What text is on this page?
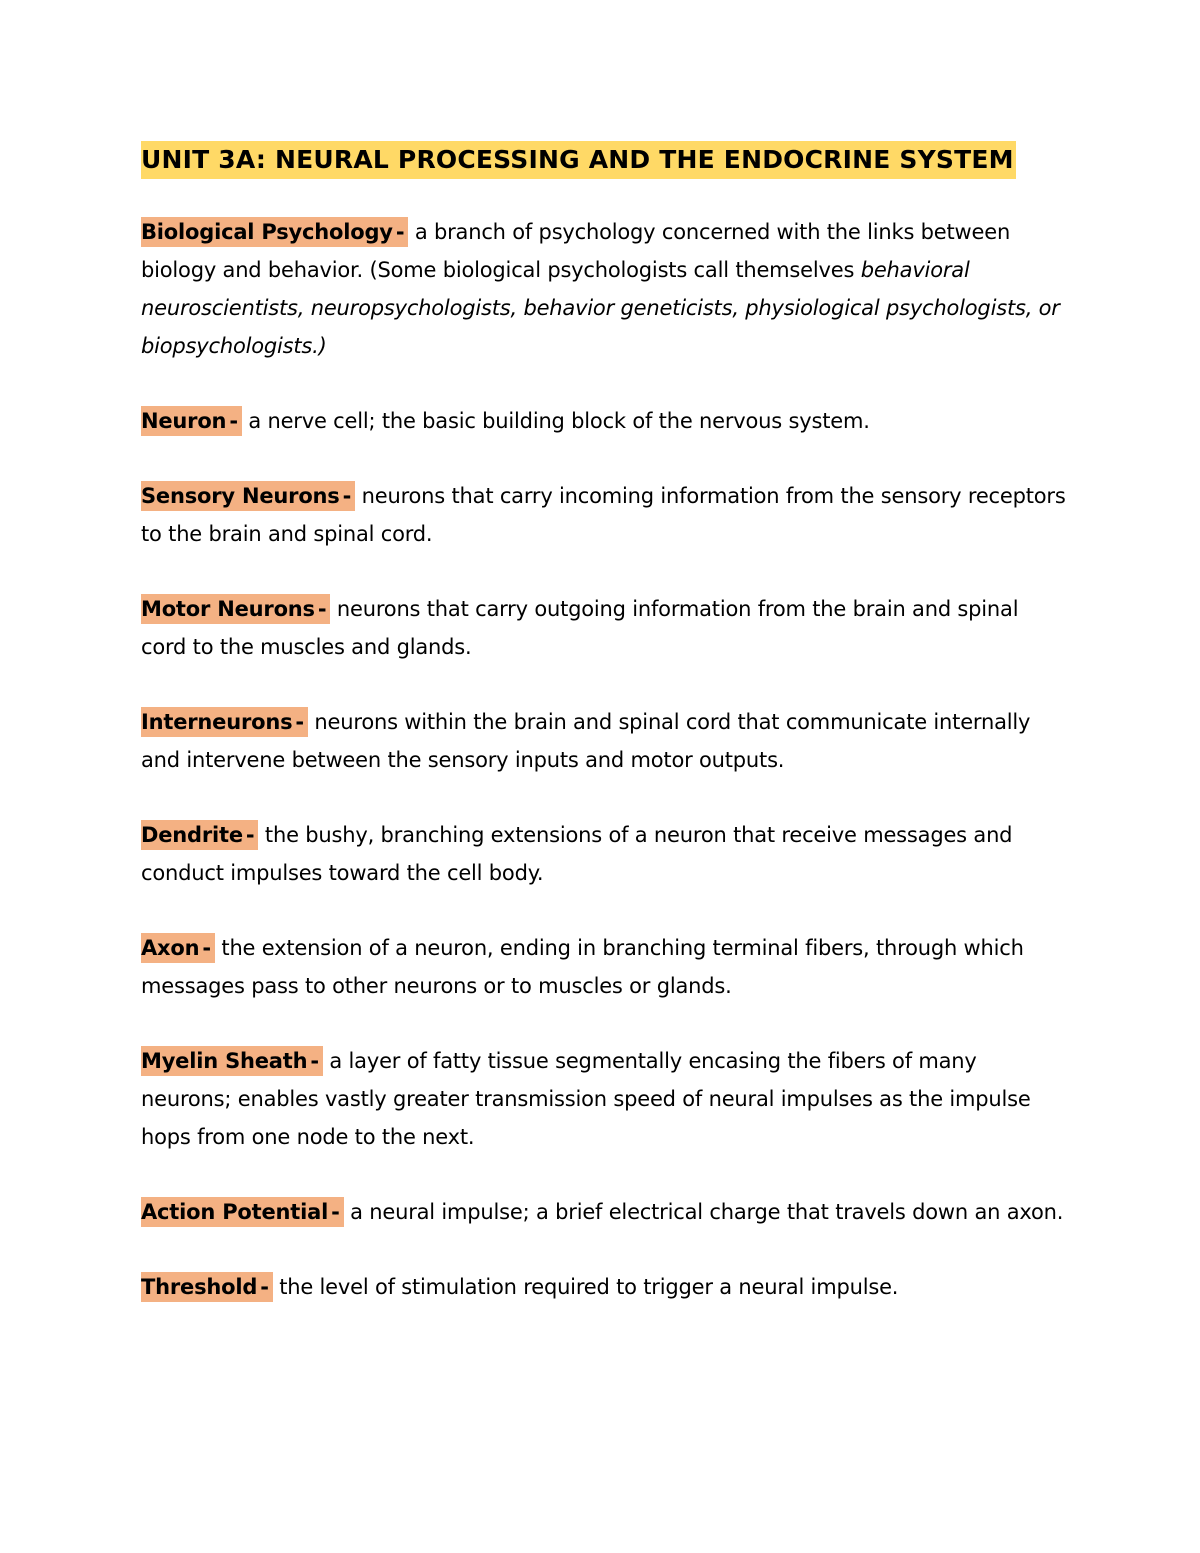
UNIT 3A: NEURAL PROCESSING AND THE ENDOCRINE SYSTEM
Biological Psychology - a branch of psychology concerned with the links between biology and behavior. (Some biological psychologists call themselves behavioral neuroscientists, neuropsychologists, behavior geneticists, physiological psychologists, or biopsychologists.)
Neuron - a nerve cell; the basic building block of the nervous system.
Sensory Neurons - neurons that carry incoming information from the sensory receptors to the brain and spinal cord.
Motor Neurons - neurons that carry outgoing information from the brain and spinal cord to the muscles and glands.
Interneurons - neurons within the brain and spinal cord that communicate internally and intervene between the sensory inputs and motor outputs.
Dendrite - the bushy, branching extensions of a neuron that receive messages and conduct impulses toward the cell body.
Axon - the extension of a neuron, ending in branching terminal fibers, through which messages pass to other neurons or to muscles or glands.
Myelin Sheath - a layer of fatty tissue segmentally encasing the fibers of many neurons; enables vastly greater transmission speed of neural impulses as the impulse hops from one node to the next.
Action Potential - a neural impulse; a brief electrical charge that travels down an axon.
Threshold - the level of stimulation required to trigger a neural impulse.
